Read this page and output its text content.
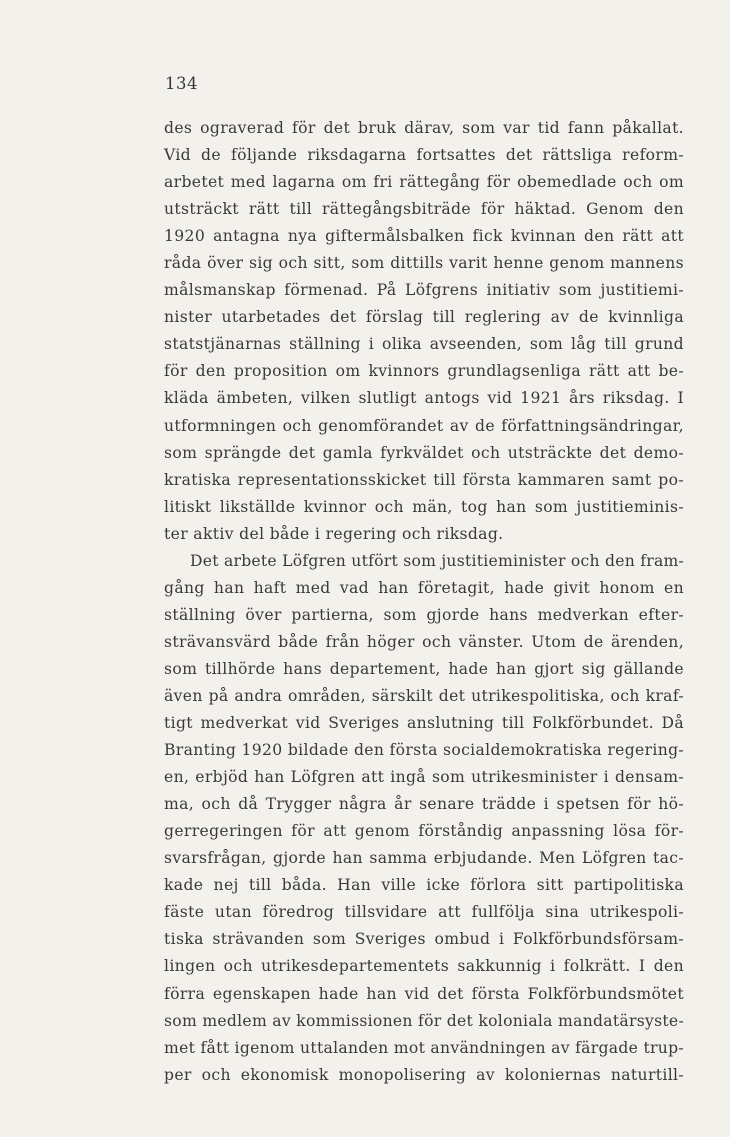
134
des ograverad för det bruk därav, som var tid fann påkallat.
Vid de följande riksdagarna fortsattes det rättsliga reform-
arbetet med lagarna om fri rättegång för obemedlade och om
utsträckt rätt till rättegångsbiträde för häktad. Genom den
1920 antagna nya giftermålsbalken fick kvinnan den rätt att
råda över sig och sitt, som dittills varit henne genom mannens
målsmanskap förmenad. På Löfgrens initiativ som justitiemi-
nister utarbetades det förslag till reglering av de kvinnliga
statstjänarnas ställning i olika avseenden, som låg till grund
för den proposition om kvinnors grundlagsenliga rätt att be-
kläda ämbeten, vilken slutligt antogs vid 1921 års riksdag. I
utformningen och genomförandet av de författningsändringar,
som sprängde det gamla fyrkväldet och utsträckte det demo-
kratiska representationsskicket till första kammaren samt po-
litiskt likställde kvinnor och män, tog han som justitieminis-
ter aktiv del både i regering och riksdag.
Det arbete Löfgren utfört som justitieminister och den fram-
gång han haft med vad han företagit, hade givit honom en
ställning över partierna, som gjorde hans medverkan efter-
strävansvärd både från höger och vänster. Utom de ärenden,
som tillhörde hans departement, hade han gjort sig gällande
även på andra områden, särskilt det utrikespolitiska, och kraf-
tigt medverkat vid Sveriges anslutning till Folkförbundet. Då
Branting 1920 bildade den första socialdemokratiska regering-
en, erbjöd han Löfgren att ingå som utrikesminister i densam-
ma, och då Trygger några år senare trädde i spetsen för hö-
gerregeringen för att genom förståndig anpassning lösa för-
svarsfrågan, gjorde han samma erbjudande. Men Löfgren tac-
kade nej till båda. Han ville icke förlora sitt partipolitiska
fäste utan föredrog tillsvidare att fullfölja sina utrikespoli-
tiska strävanden som Sveriges ombud i Folkförbundsförsam-
lingen och utrikesdepartementets sakkunnig i folkrätt. I den
förra egenskapen hade han vid det första Folkförbundsmötet
som medlem av kommissionen för det koloniala mandatärsyste-
met fått igenom uttalanden mot användningen av färgade trup-
per och ekonomisk monopolisering av koloniernas naturtill-
